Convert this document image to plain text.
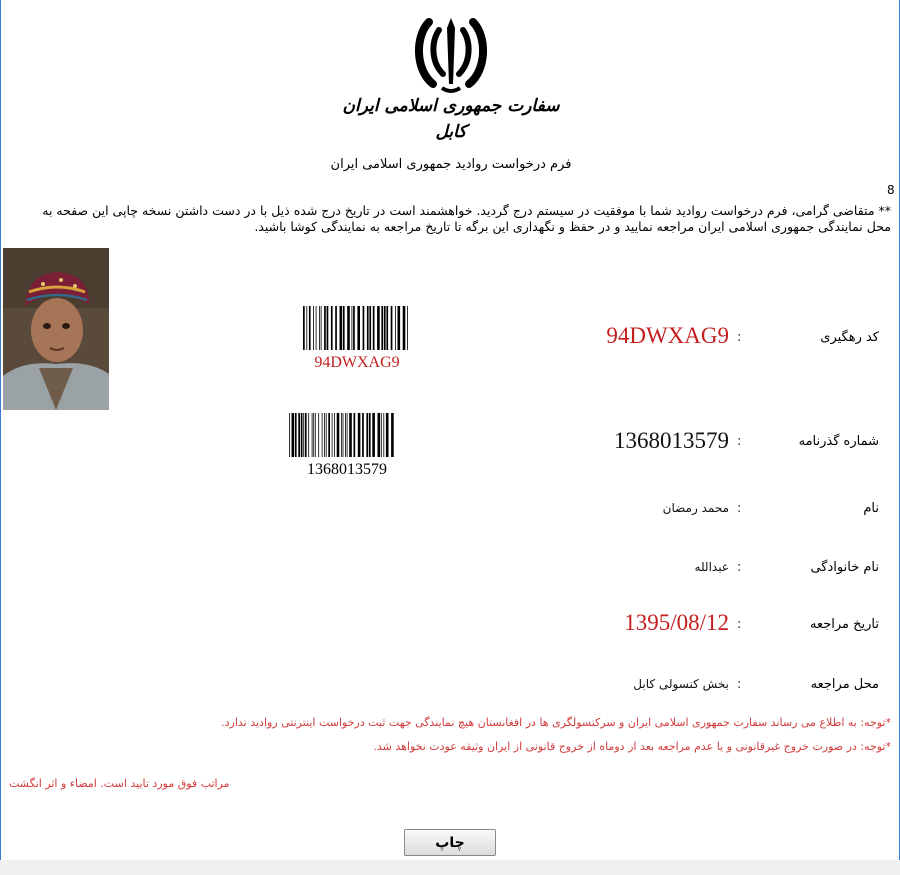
سفارت جمهوری اسلامی ایران
کابل
فرم درخواست روادید جمهوری اسلامی ایران
8
** متقاضی گرامی، فرم درخواست روادید شما با موفقیت در سیستم درج گردید. خواهشمند است در تاریخ درج شده ذیل با در دست داشتن نسخه چاپی این صفحه به
محل نمایندگی جمهوری اسلامی ایران مراجعه نمایید و در حفظ و نگهداری این برگه تا تاریخ مراجعه به نمایندگی کوشا باشید.
94DWXAG9
1368013579
کد رهگیری
:
94DWXAG9
شماره گذرنامه
:
1368013579
نام
:
محمد رمضان
نام خانوادگی
:
عبدالله
تاریخ مراجعه
:
1395/08/12
محل مراجعه
:
بخش کنسولی کابل
*توجه: به اطلاع می رساند سفارت جمهوری اسلامی ایران و سرکنسولگری ها در افغانستان هیچ نمایندگی جهت ثبت درخواست اینترنتی روادید ندارد.
*توجه: در صورت خروج غیرقانونی و یا عدم مراجعه بعد از دوماه از خروج قانونی از ایران وثیقه عودت نخواهد شد.
مراتب فوق مورد تایید است. امضاء و اثر انگشت
چاپ
